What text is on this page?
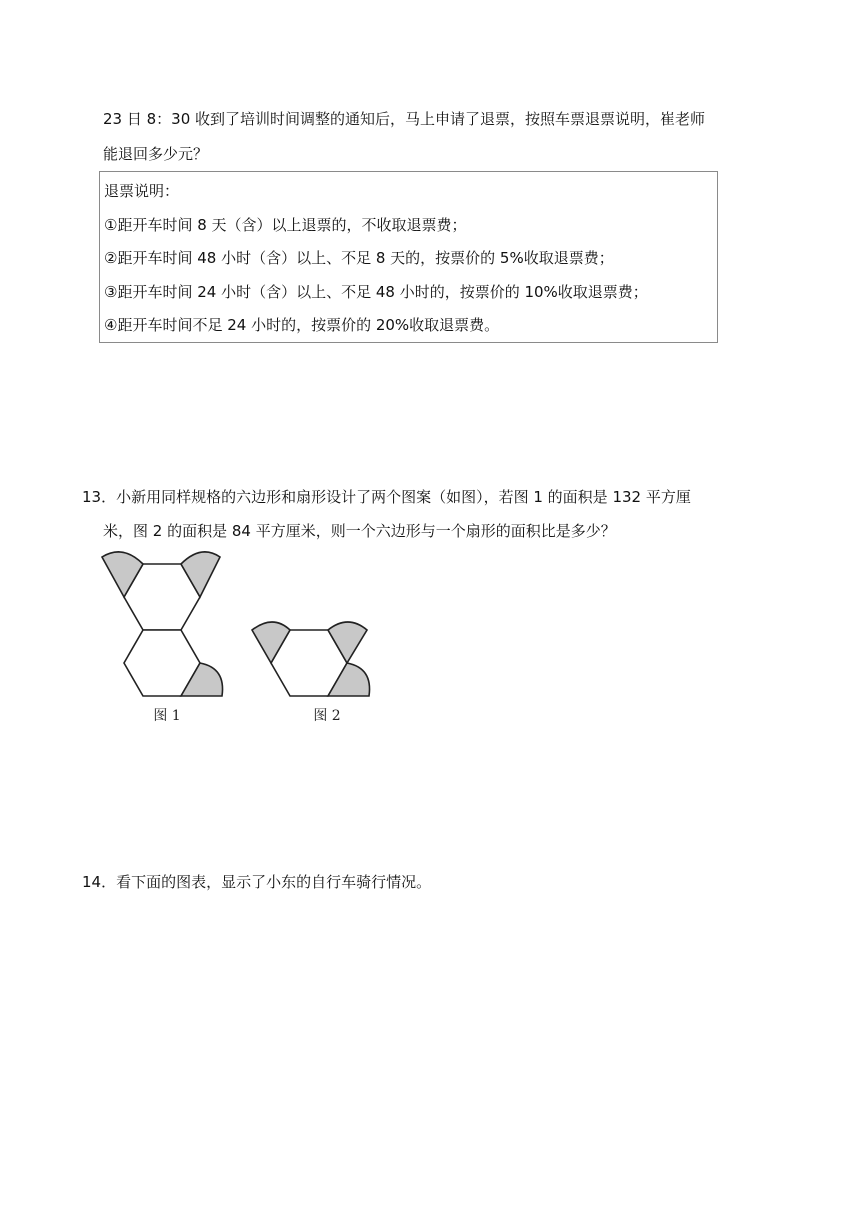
23 日 8：30 收到了培训时间调整的通知后，马上申请了退票，按照车票退票说明，崔老师
能退回多少元？
退票说明：
①距开车时间 8 天（含）以上退票的，不收取退票费；
②距开车时间 48 小时（含）以上、不足 8 天的，按票价的 5%收取退票费；
③距开车时间 24 小时（含）以上、不足 48 小时的，按票价的 10%收取退票费；
④距开车时间不足 24 小时的，按票价的 20%收取退票费。
13．小新用同样规格的六边形和扇形设计了两个图案（如图），若图 1 的面积是 132 平方厘
米，图 2 的面积是 84 平方厘米，则一个六边形与一个扇形的面积比是多少？
图 1	图 2
14．看下面的图表，显示了小东的自行车骑行情况。
